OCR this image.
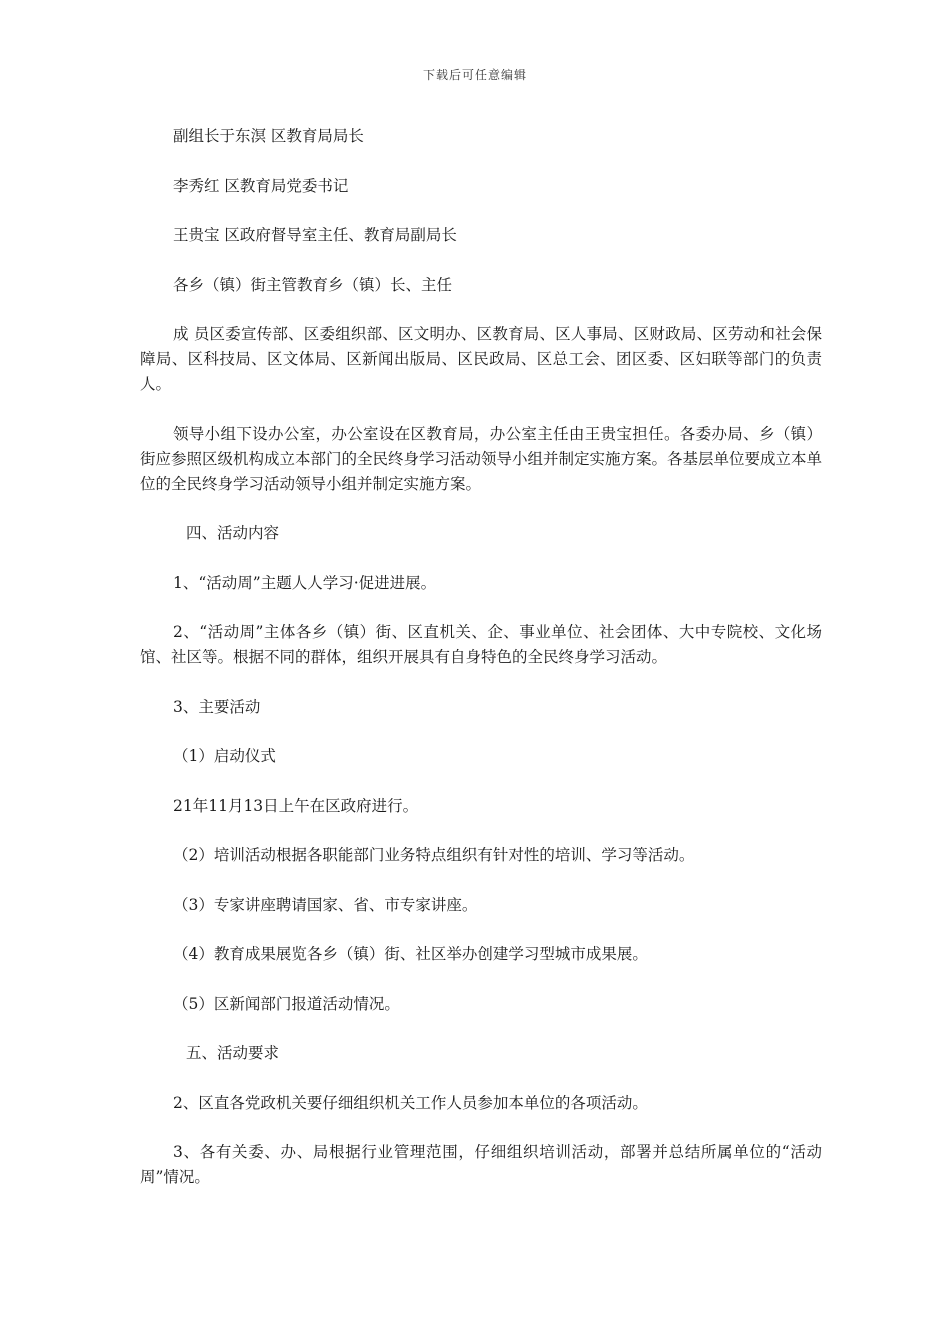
下载后可任意编辑

副组长于东溟 区教育局局长

李秀红 区教育局党委书记

王贵宝 区政府督导室主任、教育局副局长

各乡（镇）街主管教育乡（镇）长、主任

成 员区委宣传部、区委组织部、区文明办、区教育局、区人事局、区财政局、区劳动和社会保障局、区科技局、区文体局、区新闻出版局、区民政局、区总工会、团区委、区妇联等部门的负责人。

领导小组下设办公室，办公室设在区教育局，办公室主任由王贵宝担任。各委办局、乡（镇）街应参照区级机构成立本部门的全民终身学习活动领导小组并制定实施方案。各基层单位要成立本单位的全民终身学习活动领导小组并制定实施方案。

四、活动内容

1、“活动周”主题人人学习·促进进展。

2、“活动周”主体各乡（镇）街、区直机关、企、事业单位、社会团体、大中专院校、文化场馆、社区等。根据不同的群体，组织开展具有自身特色的全民终身学习活动。

3、主要活动

（1）启动仪式

21年11月13日上午在区政府进行。

（2）培训活动根据各职能部门业务特点组织有针对性的培训、学习等活动。

（3）专家讲座聘请国家、省、市专家讲座。

（4）教育成果展览各乡（镇）街、社区举办创建学习型城市成果展。

（5）区新闻部门报道活动情况。

五、活动要求

2、区直各党政机关要仔细组织机关工作人员参加本单位的各项活动。

3、各有关委、办、局根据行业管理范围，仔细组织培训活动，部署并总结所属单位的“活动周”情况。
